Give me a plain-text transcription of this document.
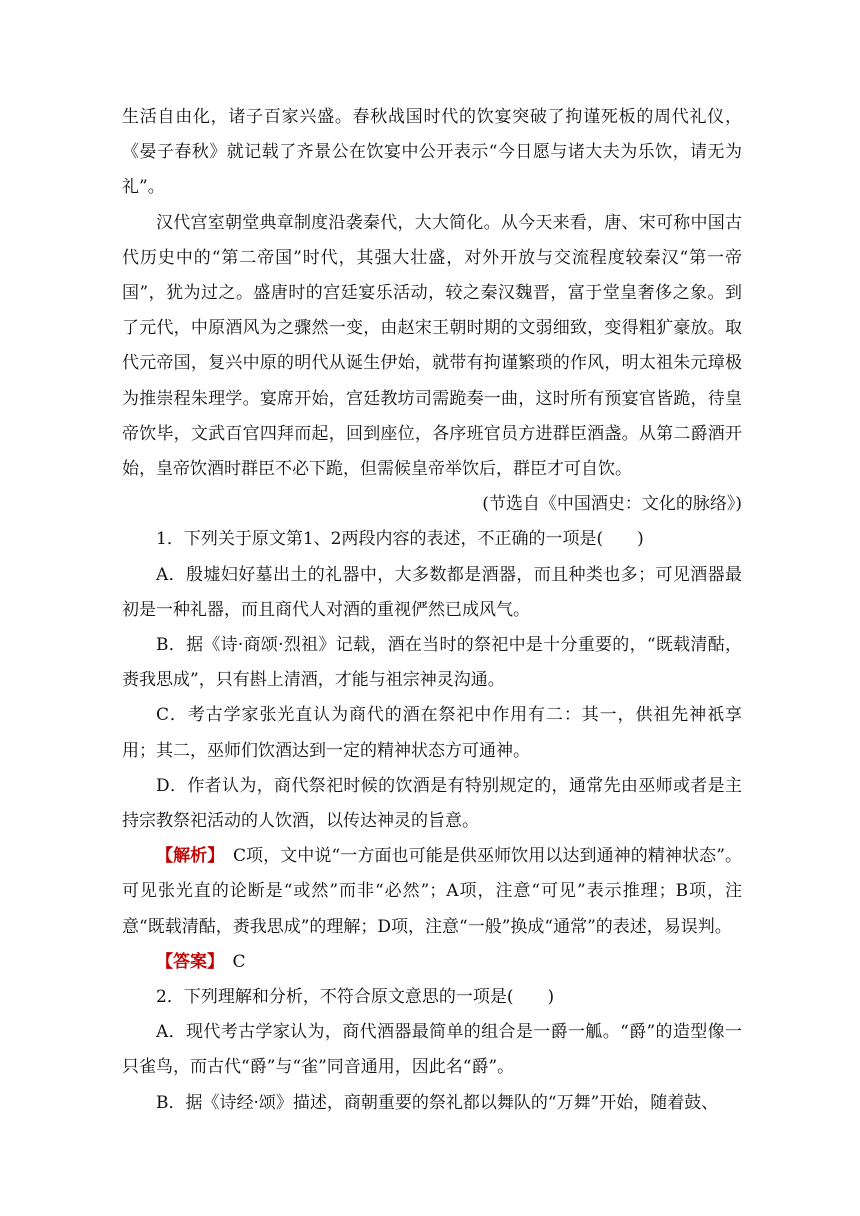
生活自由化，诸子百家兴盛。春秋战国时代的饮宴突破了拘谨死板的周代礼仪，《晏子春秋》就记载了齐景公在饮宴中公开表示“今日愿与诸大夫为乐饮，请无为礼”。

汉代宫室朝堂典章制度沿袭秦代，大大简化。从今天来看，唐、宋可称中国古代历史中的“第二帝国”时代，其强大壮盛，对外开放与交流程度较秦汉“第一帝国”，犹为过之。盛唐时的宫廷宴乐活动，较之秦汉魏晋，富于堂皇奢侈之象。到了元代，中原酒风为之骤然一变，由赵宋王朝时期的文弱细致，变得粗犷豪放。取代元帝国，复兴中原的明代从诞生伊始，就带有拘谨繁琐的作风，明太祖朱元璋极为推崇程朱理学。宴席开始，宫廷教坊司需跪奏一曲，这时所有预宴官皆跪，待皇帝饮毕，文武百官四拜而起，回到座位，各序班官员方进群臣酒盏。从第二爵酒开始，皇帝饮酒时群臣不必下跪，但需候皇帝举饮后，群臣才可自饮。

(节选自《中国酒史：文化的脉络》)

1．下列关于原文第1、2两段内容的表述，不正确的一项是(　　)

A．殷墟妇好墓出土的礼器中，大多数都是酒器，而且种类也多；可见酒器最初是一种礼器，而且商代人对酒的重视俨然已成风气。

B．据《诗·商颂·烈祖》记载，酒在当时的祭祀中是十分重要的，“既载清酤，赉我思成”，只有斟上清酒，才能与祖宗神灵沟通。

C．考古学家张光直认为商代的酒在祭祀中作用有二：其一，供祖先神祇享用；其二，巫师们饮酒达到一定的精神状态方可通神。

D．作者认为，商代祭祀时候的饮酒是有特别规定的，通常先由巫师或者是主持宗教祭祀活动的人饮酒，以传达神灵的旨意。

【解析】　C项，文中说“一方面也可能是供巫师饮用以达到通神的精神状态”。可见张光直的论断是“或然”而非“必然”；A项，注意“可见”表示推理；B项，注意“既载清酤，赉我思成”的理解；D项，注意“一般”换成“通常”的表述，易误判。

【答案】　C

2．下列理解和分析，不符合原文意思的一项是(　　)

A．现代考古学家认为，商代酒器最简单的组合是一爵一觚。“爵”的造型像一只雀鸟，而古代“爵”与“雀”同音通用，因此名“爵”。

B．据《诗经·颂》描述，商朝重要的祭礼都以舞队的“万舞”开始，随着鼓、
